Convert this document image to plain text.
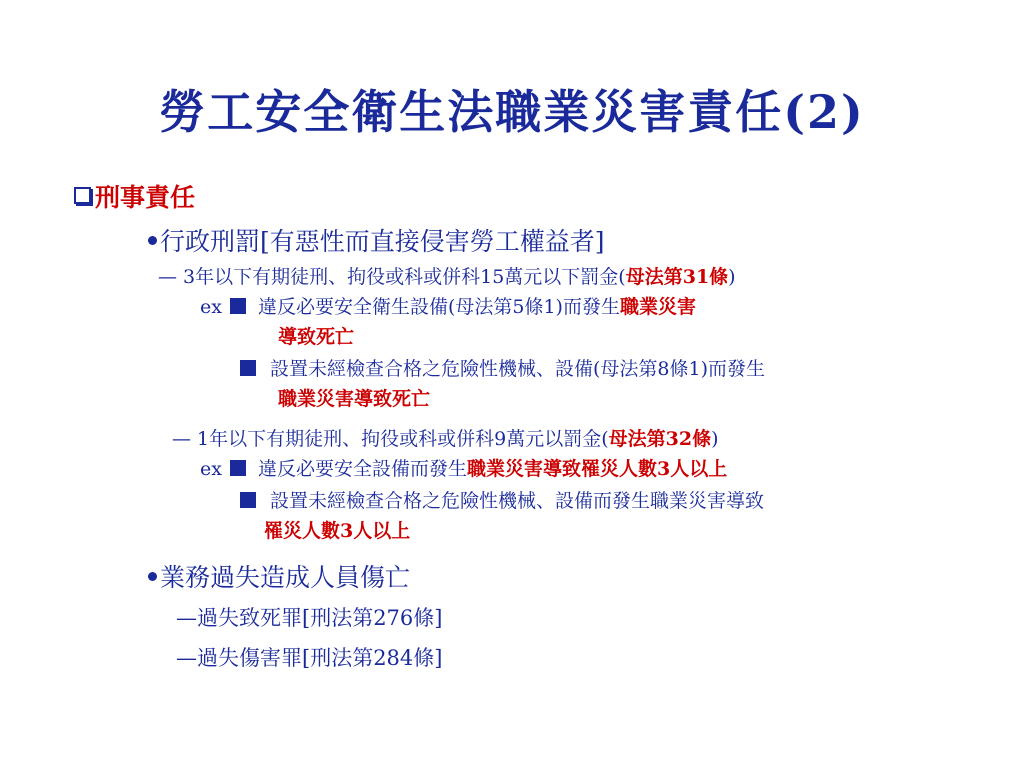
勞工安全衛生法職業災害責任(2)
刑事責任
行政刑罰[有惡性而直接侵害勞工權益者]
— 3年以下有期徒刑、拘役或科或併科15萬元以下罰金(母法第31條)
ex 違反必要安全衛生設備(母法第5條1)而發生職業災害
導致死亡
設置未經檢查合格之危險性機械、設備(母法第8條1)而發生
職業災害導致死亡
— 1年以下有期徒刑、拘役或科或併科9萬元以罰金(母法第32條)
ex 違反必要安全設備而發生職業災害導致罹災人數3人以上
設置未經檢查合格之危險性機械、設備而發生職業災害導致
罹災人數3人以上
業務過失造成人員傷亡
—過失致死罪[刑法第276條]
—過失傷害罪[刑法第284條]
